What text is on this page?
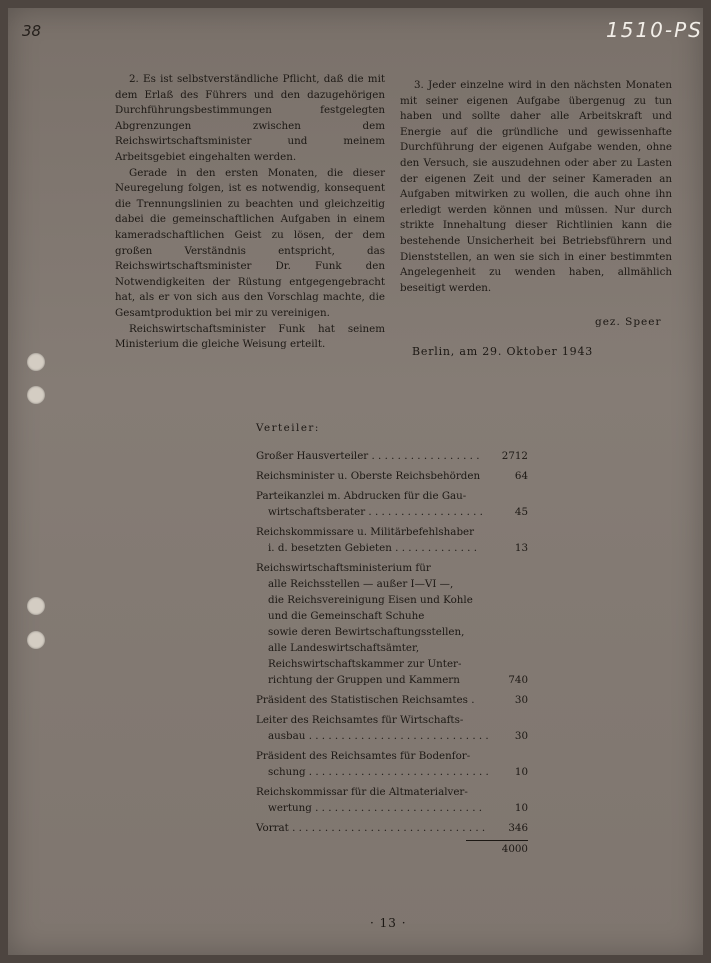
38	1510-PS

2. Es ist selbstverständliche Pflicht, daß die mit dem Erlaß des Führers und den dazugehörigen Durchführungsbestimmungen festgelegten Abgrenzungen zwischen dem Reichswirtschaftsminister und meinem Arbeitsgebiet eingehalten werden.

Gerade in den ersten Monaten, die dieser Neuregelung folgen, ist es notwendig, konsequent die Trennungslinien zu beachten und gleichzeitig dabei die gemeinschaftlichen Aufgaben in einem kameradschaftlichen Geist zu lösen, der dem großen Verständnis entspricht, das Reichswirtschaftsminister Dr. Funk den Notwendigkeiten der Rüstung entgegengebracht hat, als er von sich aus den Vorschlag machte, die Gesamtproduktion bei mir zu vereinigen.

Reichswirtschaftsminister Funk hat seinem Ministerium die gleiche Weisung erteilt.

3. Jeder einzelne wird in den nächsten Monaten mit seiner eigenen Aufgabe übergenug zu tun haben und sollte daher alle Arbeitskraft und Energie auf die gründliche und gewissenhafte Durchführung der eigenen Aufgabe wenden, ohne den Versuch, sie auszudehnen oder aber zu Lasten der eigenen Zeit und der seiner Kameraden an Aufgaben mitwirken zu wollen, die auch ohne ihn erledigt werden können und müssen. Nur durch strikte Innehaltung dieser Richtlinien kann die bestehende Unsicherheit bei Betriebsführern und Dienststellen, an wen sie sich in einer bestimmten Angelegenheit zu wenden haben, allmählich beseitigt werden.

gez. Speer
Berlin, am 29. Oktober 1943
Verteiler:
Großer Hausverteiler . . . . . . . . . . . . . . . . .	2712
Reichsminister u. Oberste Reichsbehörden	64
Parteikanzlei m. Abdrucken für die Gau-
wirtschaftsberater . . . . . . . . . . . . . . . . . .	45
Reichskommissare u. Militärbefehlshaber
i. d. besetzten Gebieten . . . . . . . . . . . . .	13
Reichswirtschaftsministerium für
alle Reichsstellen — außer I—VI —,
die Reichsvereinigung Eisen und Kohle
und die Gemeinschaft Schuhe
sowie deren Bewirtschaftungsstellen,
alle Landeswirtschaftsämter,
Reichswirtschaftskammer zur Unter-
richtung der Gruppen und Kammern	740
Präsident des Statistischen Reichsamtes .	30
Leiter des Reichsamtes für Wirtschafts-
ausbau . . . . . . . . . . . . . . . . . . . . . . . . . . . .	30
Präsident des Reichsamtes für Bodenfor-
schung . . . . . . . . . . . . . . . . . . . . . . . . . . . .	10
Reichskommissar für die Altmaterialver-
wertung . . . . . . . . . . . . . . . . . . . . . . . . . .	10
Vorrat . . . . . . . . . . . . . . . . . . . . . . . . . . . . . .	346
4000
· 13 ·
